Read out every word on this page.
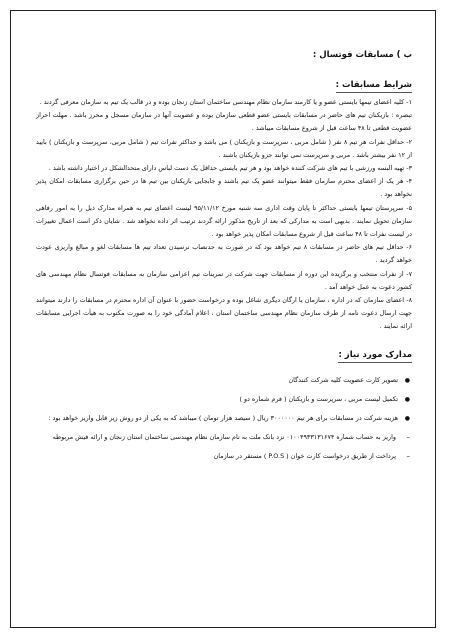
ب ) مسابقات فوتسال :
شرایط مسابقات :

۱- کلیه اعضای تیمها بایستی عضو و یا کارمند سازمان نظام مهندسی ساختمان استان زنجان بوده و در قالب یک تیم به سازمان معرفی گردند .

تبصره : بازیکنان تیم های حاضر در مسابقات بایستی عضو قطعی سازمان بوده و عضویت آنها در سازمان مسجل و محرز باشد . مهلت احراز عضویت قطعی تا ۴۸ ساعت قبل از شروع مسابقات میباشد .

۲- حداقل نفرات هر تیم ۸ نفر ( شامل مربی ، سرپرست و بازیکنان ) می باشد و حداکثر نفرات تیم ( شامل مربی، سرپرست و بازیکنان ) بایید از ۱۲ نفر بیشتر باشد . مربی و سرپرست نمی توانند جزو بازیکنان باشند .

۳- تهیه البسه ورزشی با تیم های شرکت کننده خواهد بود و هر تیم بایستی حداقل یک دست لباس دارای متحدالشکل در اختیار داشته باشد .

۴- هر یک از اعضای محترم سازمان فقط میتوانند عضو یک تیم باشند و جابجایی بازیکنان بین تیم ها در حین برگزاری مسابقات امکان پذیر نخواهد بود .

۵- سرپرستان تیمها بایستی حداکثر تا پایان وقت اداری سه شنبه مورخ ۹۵/۱۱/۱۲ لیست اعضای تیم به همراه مدارک ذیل را به امور رفاهی سازمان تحویل نمایند . بدیهی است به مدارکی که بعد از تاریخ مذکور ارائه گردند ترتیب اثر داده نخواهد شد . شایان ذکر است اعمال تغییرات در لیست نفرات تا ۴۸ ساعت قبل از شروع مسابقات امکان پذیر خواهد بود .

۶- حداقل تیم های حاضر در مسابقات ۸ تیم خواهد بود که در صورت به حدنصاب نرسیدن تعداد تیم ها مسابقات لغو و مبالغ واریزی عودت خواهد گردید .

۷- از نفرات منتخب و برگزیده این دوره از مسابقات جهت شرکت در تمرینات تیم اعزامی سازمان به مسابقات فوتسال نظام مهندسی های کشور دعوت به عمل خواهد آمد .

۸- اعضای سازمان که در اداره ، سازمان یا ارگان دیگری شاغل بوده و درخواست حضور با عنوان آن اداره محترم در مسابقات را دارند میتوانند جهت ارسال دعوت نامه از طرف سازمان نظام مهندسی ساختمان استان ، اعلام آمادگی خود را به صورت مکتوب به هیأت اجرایی مسابقات ارائه نمایند .

مدارک مورد نیاز :
● تصویر کارت عضویت کلیه شرکت کنندگان
● تکمیل لیست مربی ، سرپرست و بازیکنان ( فرم شماره دو )
● هزینه شرکت در مسابقات برای هر تیم ۳۰۰۰۰۰۰ ریال ( سیصد هزار تومان ) میباشد که به یکی از دو روش زیر قابل واریز خواهد بود :
– واریز به حساب شماره ۰۱۰۰۴۹۳۳۱۳۱۶۷۴ نزد بانک ملت به نام سازمان نظام مهندسی ساختمان استان زنجان و ارائه فیش مربوطه
– پرداخت از طریق درخواست کارت خوان ( P.O.S ) مستقر در سازمان
